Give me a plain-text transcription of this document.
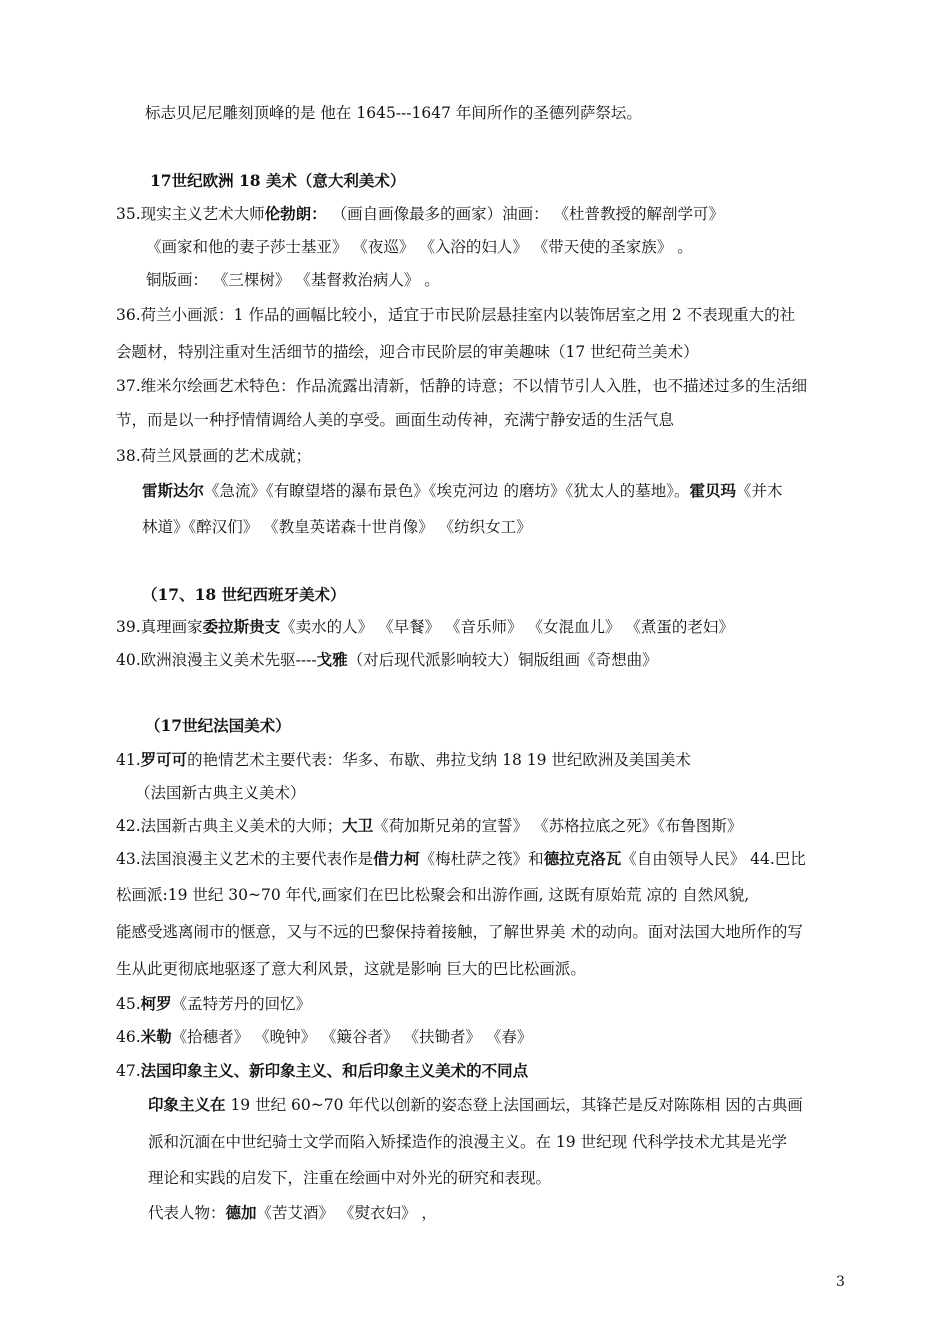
标志贝尼尼雕刻顶峰的是 他在 1645---1647 年间所作的圣德列萨祭坛。
17世纪欧洲 18 美术（意大利美术）
35.现实主义艺术大师伦勃朗： （画自画像最多的画家）油画： 《杜普教授的解剖学可》
《画家和他的妻子莎士基亚》 《夜巡》 《入浴的妇人》 《带天使的圣家族》 。
铜版画： 《三棵树》 《基督救治病人》 。
36.荷兰小画派：1 作品的画幅比较小，适宜于市民阶层悬挂室内以装饰居室之用 2 不表现重大的社
会题材，特别注重对生活细节的描绘，迎合市民阶层的审美趣味（17 世纪荷兰美术）
37.维米尔绘画艺术特色：作品流露出清新，恬静的诗意；不以情节引人入胜，也不描述过多的生活细
节，而是以一种抒情情调给人美的享受。画面生动传神，充满宁静安适的生活气息
38.荷兰风景画的艺术成就；
雷斯达尔《急流》《有瞭望塔的瀑布景色》《埃克河边 的磨坊》《犹太人的墓地》。霍贝玛《并木
林道》《醉汉们》 《教皇英诺森十世肖像》 《纺织女工》
（17、18 世纪西班牙美术）
39.真理画家委拉斯贵支《卖水的人》 《早餐》 《音乐师》 《女混血儿》 《煮蛋的老妇》
40.欧洲浪漫主义美术先驱----戈雅（对后现代派影响较大）铜版组画《奇想曲》
（17世纪法国美术）
41.罗可可的艳情艺术主要代表：华多、布歇、弗拉戈纳 18 19 世纪欧洲及美国美术
（法国新古典主义美术）
42.法国新古典主义美术的大师；大卫《荷加斯兄弟的宣誓》 《苏格拉底之死》《布鲁图斯》
43.法国浪漫主义艺术的主要代表作是借力柯《梅杜萨之筏》和德拉克洛瓦《自由领导人民》 44.巴比
松画派:19 世纪 30~70 年代,画家们在巴比松聚会和出游作画, 这既有原始荒 凉的 自然风貌,
能感受逃离闹市的惬意，又与不远的巴黎保持着接触，了解世界美 术的动向。面对法国大地所作的写
生从此更彻底地驱逐了意大利风景，这就是影响 巨大的巴比松画派。
45.柯罗《孟特芳丹的回忆》
46.米勒《拾穗者》 《晚钟》 《簸谷者》 《扶锄者》 《春》
47.法国印象主义、新印象主义、和后印象主义美术的不同点
印象主义在 19 世纪 60~70 年代以创新的姿态登上法国画坛，其锋芒是反对陈陈相 因的古典画
派和沉湎在中世纪骑士文学而陷入矫揉造作的浪漫主义。在 19 世纪现 代科学技术尤其是光学
理论和实践的启发下，注重在绘画中对外光的研究和表现。
代表人物：德加《苦艾酒》 《熨衣妇》 ，
3
